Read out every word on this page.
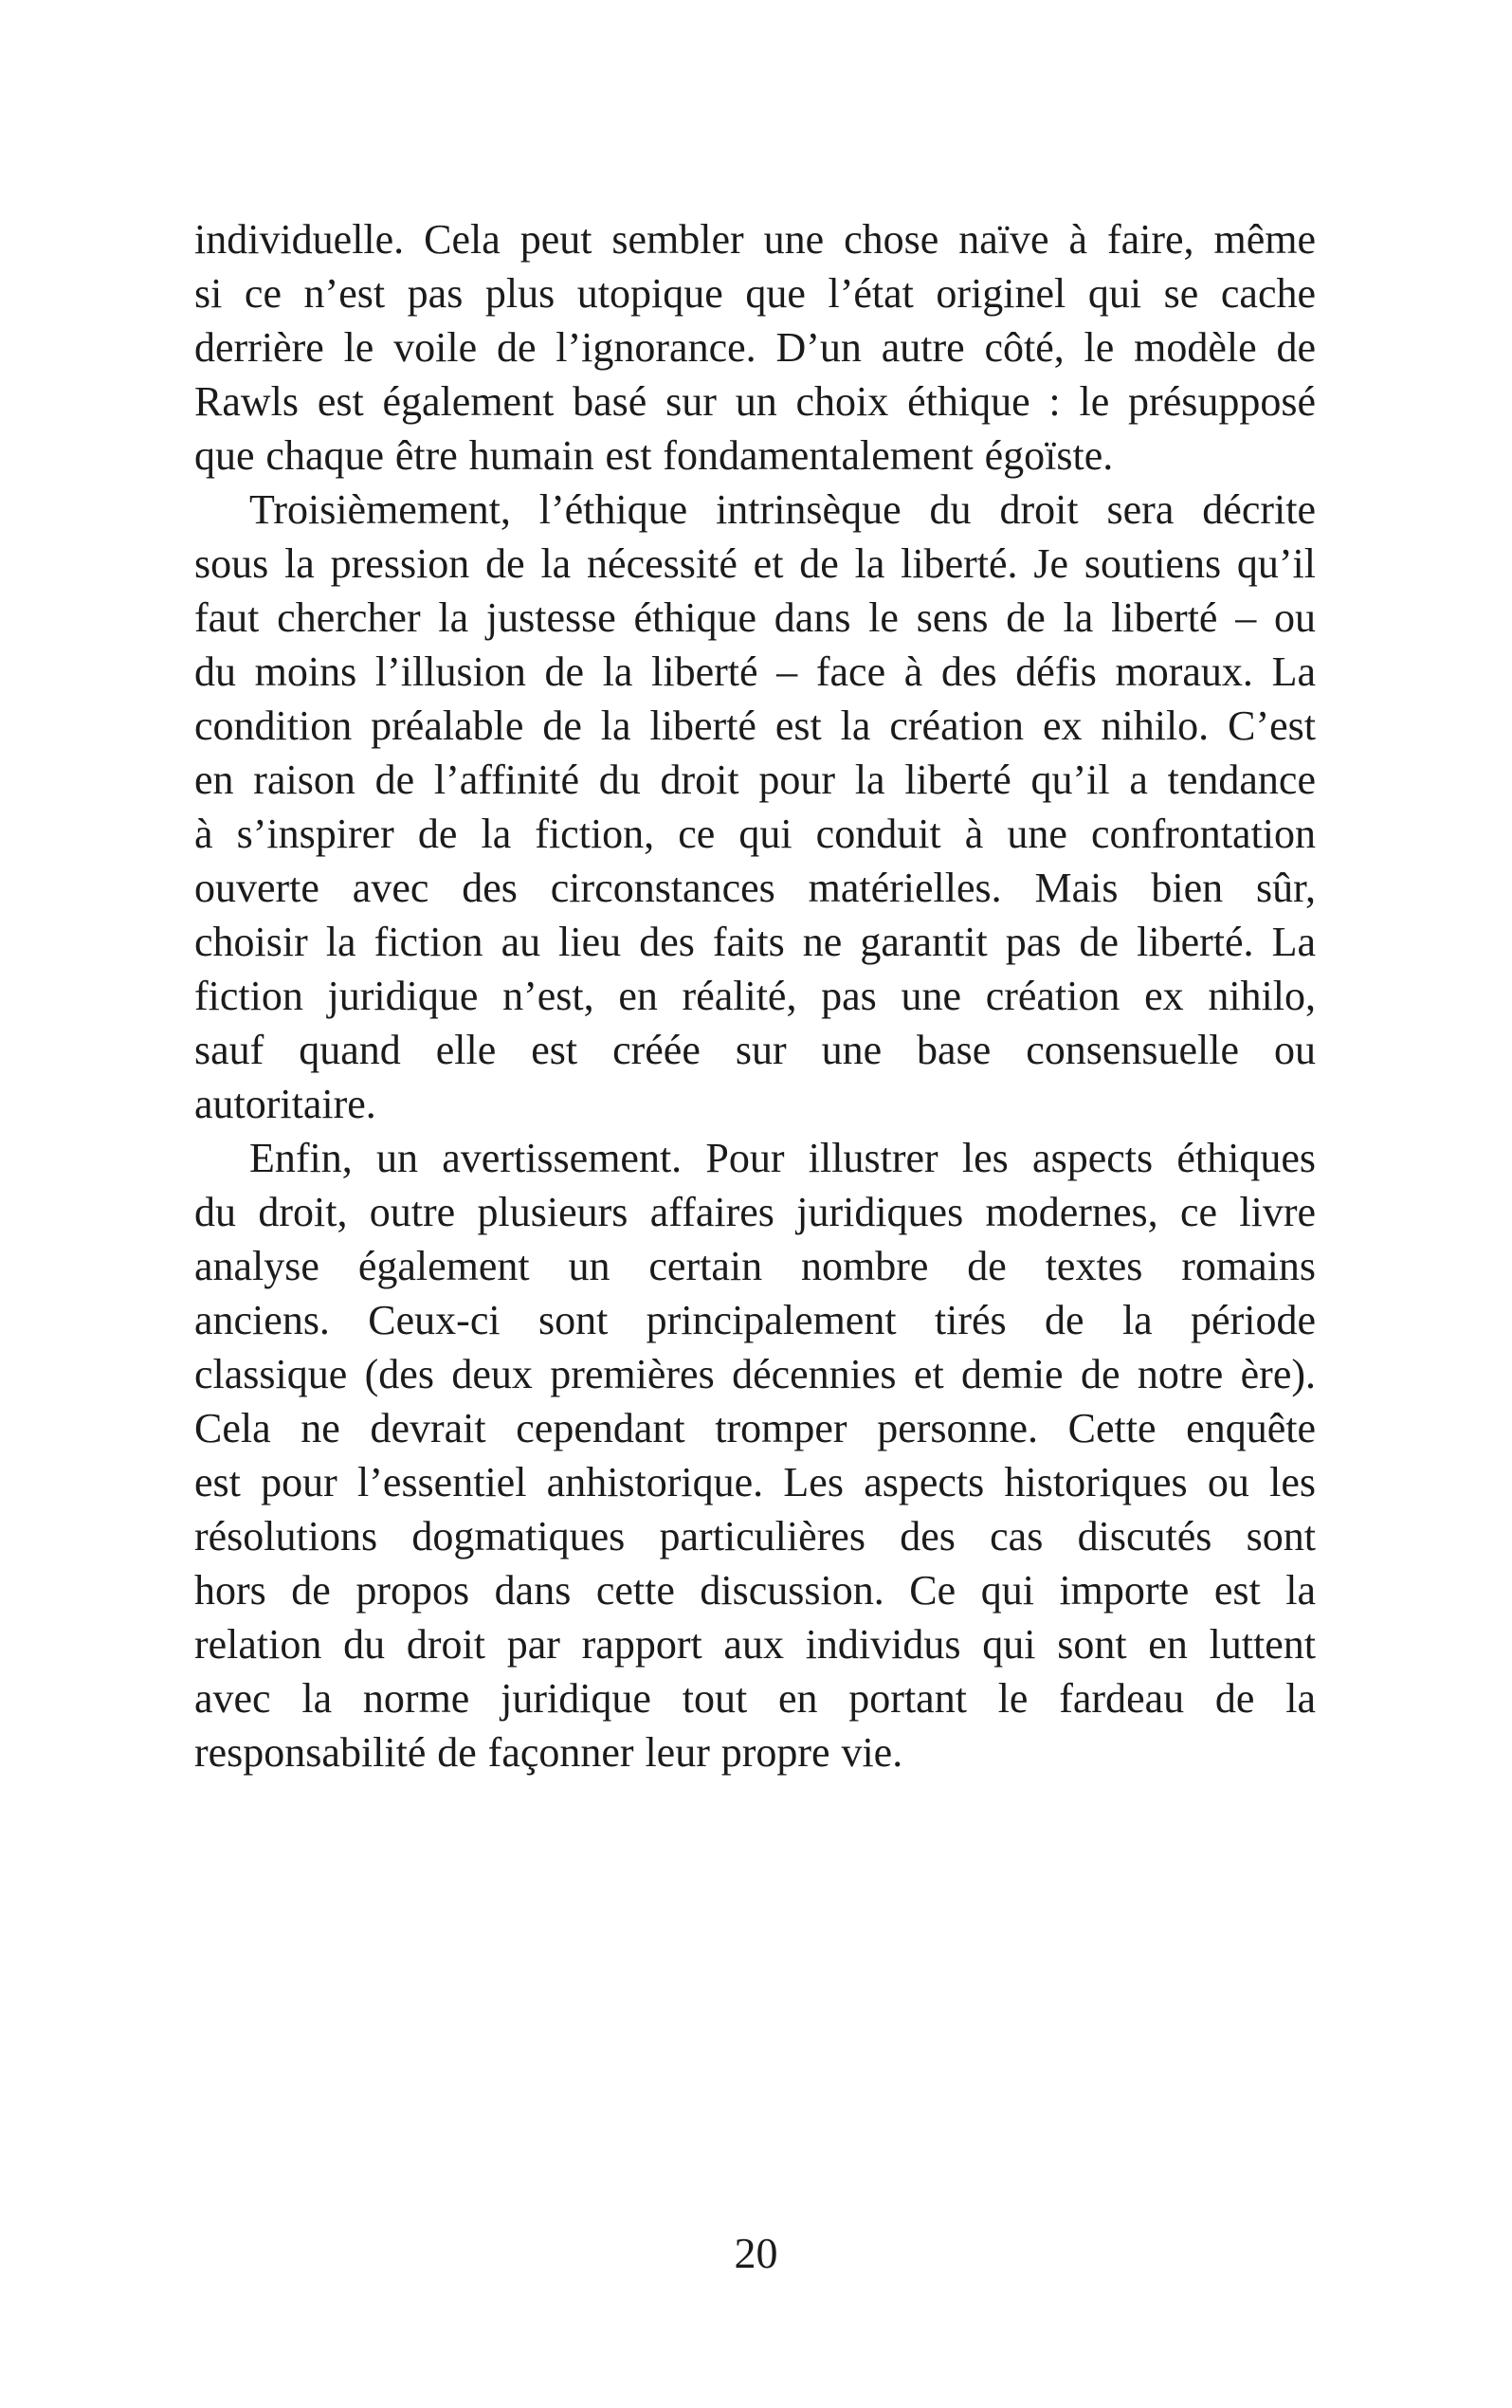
individuelle. Cela peut sembler une chose naïve à faire, même
si ce n’est pas plus utopique que l’état originel qui se cache
derrière le voile de l’ignorance. D’un autre côté, le modèle de
Rawls est également basé sur un choix éthique : le présupposé
que chaque être humain est fondamentalement égoïste.
Troisièmement, l’éthique intrinsèque du droit sera décrite
sous la pression de la nécessité et de la liberté. Je soutiens qu’il
faut chercher la justesse éthique dans le sens de la liberté – ou
du moins l’illusion de la liberté – face à des défis moraux. La
condition préalable de la liberté est la création ex nihilo. C’est
en raison de l’affinité du droit pour la liberté qu’il a tendance
à s’inspirer de la fiction, ce qui conduit à une confrontation
ouverte avec des circonstances matérielles. Mais bien sûr,
choisir la fiction au lieu des faits ne garantit pas de liberté. La
fiction juridique n’est, en réalité, pas une création ex nihilo,
sauf quand elle est créée sur une base consensuelle ou
autoritaire.
Enfin, un avertissement. Pour illustrer les aspects éthiques
du droit, outre plusieurs affaires juridiques modernes, ce livre
analyse également un certain nombre de textes romains
anciens. Ceux-ci sont principalement tirés de la période
classique (des deux premières décennies et demie de notre ère).
Cela ne devrait cependant tromper personne. Cette enquête
est pour l’essentiel anhistorique. Les aspects historiques ou les
résolutions dogmatiques particulières des cas discutés sont
hors de propos dans cette discussion. Ce qui importe est la
relation du droit par rapport aux individus qui sont en luttent
avec la norme juridique tout en portant le fardeau de la
responsabilité de façonner leur propre vie.
20
